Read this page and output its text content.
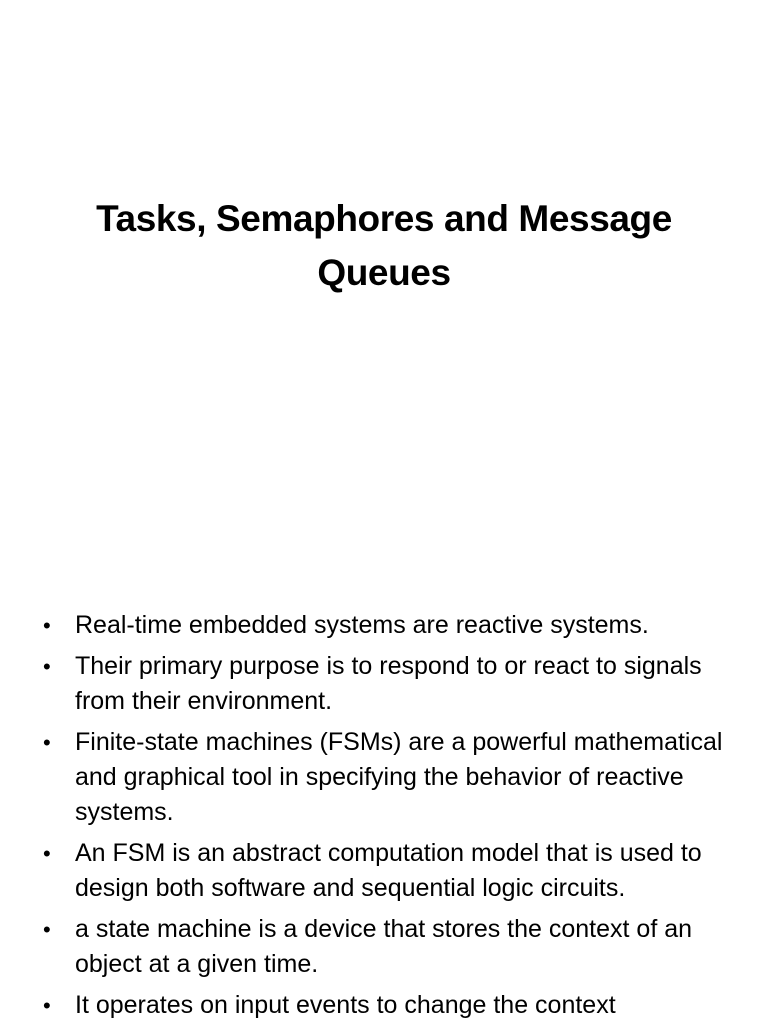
Tasks, Semaphores and Message Queues
• Real-time embedded systems are reactive systems.
• Their primary purpose is to respond to or react to signals from their environment.
• Finite-state machines (FSMs) are a powerful mathematical and graphical tool in specifying the behavior of reactive systems.
• An FSM is an abstract computation model that is used to design both software and sequential logic circuits.
• a state machine is a device that stores the context of an object at a given time.
• It operates on input events to change the context
